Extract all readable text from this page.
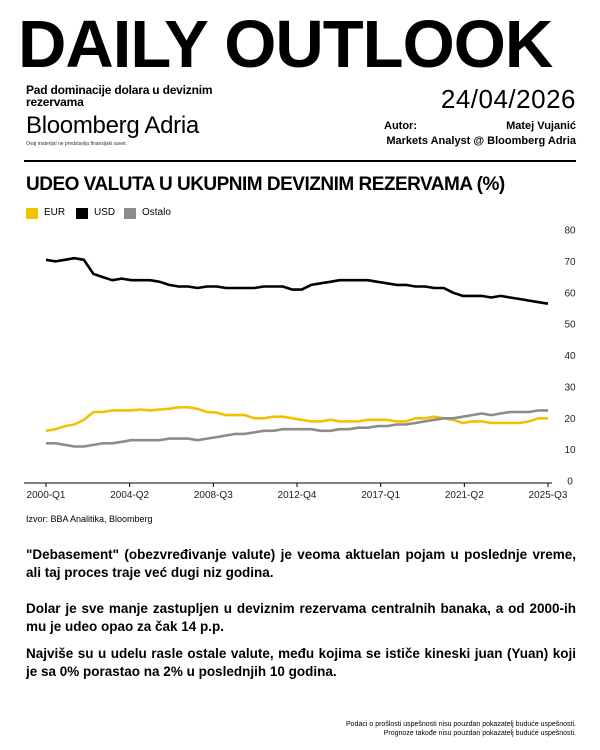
DAILY OUTLOOK
Pad dominacije dolara u deviznim rezervama	24/04/2026
Bloomberg Adria
Ovaj materijal ne predstavlja finansijski savet.
Autor:	Matej Vujanić
Markets Analyst @ Bloomberg Adria
UDEO VALUTA U UKUPNIM DEVIZNIM REZERVAMA (%)
EUR	USD	Ostalo
0
10
20
30
40
50
60
70
80
2000-Q1	2004-Q2	2008-Q3	2012-Q4	2017-Q1	2021-Q2	2025-Q3
Izvor: BBA Analitika, Bloomberg
"Debasement" (obezvređivanje valute) je veoma aktuelan pojam u poslednje vreme, ali taj proces traje već dugi niz godina.
Dolar je sve manje zastupljen u deviznim rezervama centralnih banaka, a od 2000-ih mu je udeo opao za čak 14 p.p.
Najviše su u udelu rasle ostale valute, među kojima se ističe kineski juan (Yuan) koji je sa 0% porastao na 2% u poslednjih 10 godina.
Podaci o prošlosti uspešnosti nisu pouzdan pokazatelj buduće uspešnosti.
Prognoze takođe nisu pouzdan pokazatelj buduće uspešnosti.
